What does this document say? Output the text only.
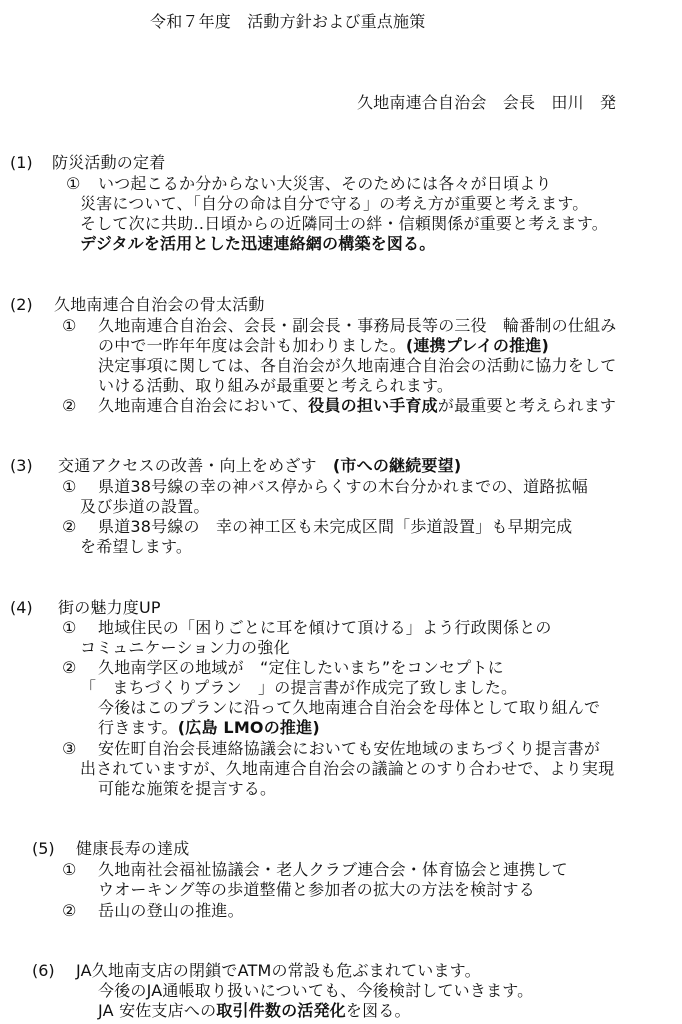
令和７年度　活動方針および重点施策
久地南連合自治会　会長　田川　発
(1) 防災活動の定着
① いつ起こるか分からない大災害、そのためには各々が日頃より
災害について、「自分の命は自分で守る」の考え方が重要と考えます。
そして次に共助‥日頃からの近隣同士の絆・信頼関係が重要と考えます。
デジタルを活用とした迅速連絡網の構築を図る。
(2) 久地南連合自治会の骨太活動
① 久地南連合自治会、会長・副会長・事務局長等の三役　輪番制の仕組み
の中で一昨年年度は会計も加わりました。(連携プレイの推進)
決定事項に関しては、各自治会が久地南連合自治会の活動に協力をして
いける活動、取り組みが最重要と考えられます。
② 久地南連合自治会において、役員の担い手育成が最重要と考えられます
(3) 交通アクセスの改善・向上をめざす　(市への継続要望)
① 県道38号線の幸の神バス停からくすの木台分かれまでの、道路拡幅
及び歩道の設置。
② 県道38号線の　幸の神工区も未完成区間「歩道設置」も早期完成
を希望します。
(4) 街の魅力度UP
① 地域住民の「困りごとに耳を傾けて頂ける」よう行政関係との
コミュニケーション力の強化
② 久地南学区の地域が　“定住したいまち”をコンセプトに
「　まちづくりプラン　」の提言書が作成完了致しました。
今後はこのプランに沿って久地南連合自治会を母体として取り組んで
行きます。(広島 LMOの推進)
③ 安佐町自治会長連絡協議会においても安佐地域のまちづくり提言書が
出されていますが、久地南連合自治会の議論とのすり合わせで、より実現
可能な施策を提言する。
(5) 健康長寿の達成
① 久地南社会福祉協議会・老人クラブ連合会・体育協会と連携して
ウオーキング等の歩道整備と参加者の拡大の方法を検討する
② 岳山の登山の推進。
(6) JA久地南支店の閉鎖でATMの常設も危ぶまれています。
今後のJA通帳取り扱いについても、今後検討していきます。
JA 安佐支店への取引件数の活発化を図る。
